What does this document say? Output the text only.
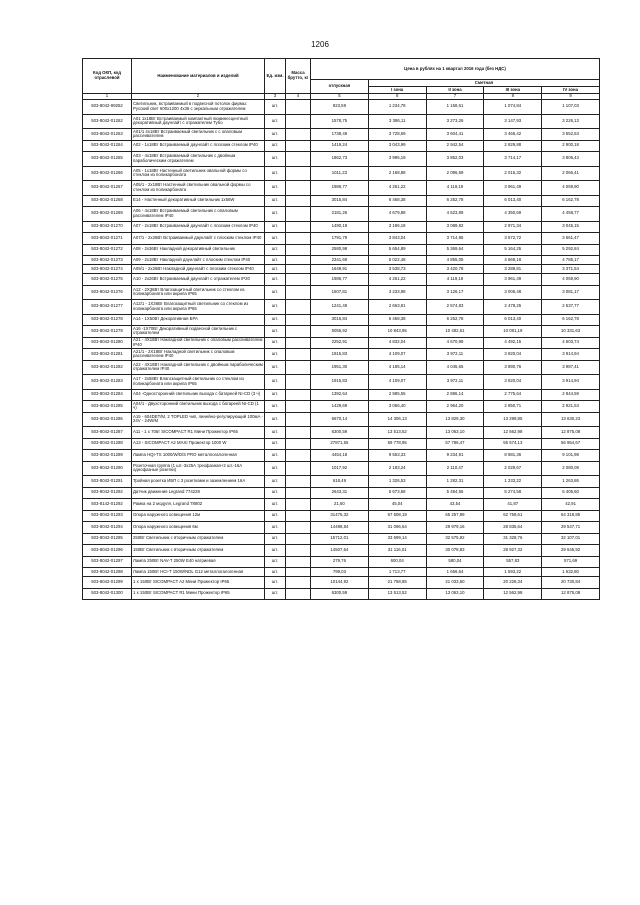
1206
Код ОКП, код отраслевой	Наименование материалов и изделий	Ед. изм.	Масса брутто, кг	Цена в рублях на 1 квартал 2016 года (без НДС)				
				отпускная	Сметная			
					I зона	II зона	III зона	IV зона
1	2	3	4	5	6	7	8	9
503-8042-99252	Светильник, встраиваемый в подвесной потолок фирмы: Русский свет 600х1200 4х36 с зеркальным отражателем	шт.		923,59	1 234,78	1 158,61	1 074,84	1 107,03
503-8042-01262	А01 1х18Вт Встраиваемый компактный люминесцентный декоративный даунлайт с отражателем Тубо	шт.		1578,75	3 386,11	3 273,26	3 147,93	3 226,13
503-8042-01263	А01/1 4х18Вт Встраиваемый светильник с с опаловым рассеивателем	шт.		1738,49	3 728,69	3 604,41	3 466,42	3 552,53
503-8042-01264	А02 - 1х18Вт Встраиваемый даунлайт с плоским стеклом IP40	шт.		1419,24	3 043,99	2 942,54	2 829,88	2 900,18
503-8042-01265	А03 - 4х18Вт Встраиваемый светильник с двойным параболическим отражателем	шт.		1862,73	3 995,19	3 862,03	3 714,17	3 806,43
503-8042-01266	А05 - 1х18Вт Настенный светильник овальной формы со стеклом из поликарбоната	шт.		1011,23	2 168,88	2 096,59	2 016,32	2 066,41
503-8042-01267	А05/1 - 2х18Вт Настенный светильник овальной формы со стеклом из поликарбоната	шт.		1986,77	4 261,22	4 119,19	3 961,49	4 059,90
503-8042-01268	Е14 - Настенный декоративный светильник 1х56W	шт.		3015,84	6 468,38	6 252,78	6 013,40	6 162,78
503-8042-01269	А06 - 4х18Вт Встраиваемый светильник с опаловым рассеивателем IP40	шт.		2181,26	4 679,88	4 523,89	4 350,69	4 458,77
503-8042-01270	А07 - 2х18Вт Встраиваемый даунлайт с плоским стеклом IP40	шт.		1490,19	3 196,18	3 089,82	2 971,34	3 045,15
503-8042-01271	А07/1 - 2х26Вт Встраиваемый даунлайт с плоским стеклом IP40	шт.		1791,79	3 843,04	3 714,95	3 572,72	3 661,47
503-8042-01272	А08 - 2х36Вт Накладной декоративный светильник	шт.		2580,98	5 654,89	5 369,64	5 164,25	5 292,84
503-8042-01273	А09 - 2х18Вт Накладной даунлайт с плоским стеклом IP40	шт.		2341,69	5 022,48	4 855,05	4 669,18	4 785,17
503-8042-01274	А09/1 - 2х26Вт Накладной даунлайт с плоским стеклом IP40	шт.		1649,91	3 538,73	3 420,78	3 289,81	3 371,54
503-8042-01275	А10 - 2х26Вт Встраиваемый даунлайт с отражателем IP20	шт.		1986,77	4 261,22	4 119,19	3 961,49	4 059,90
503-8042-01276	А12 - 2Х36Вт Влагозащитный светильник со стеклом из поликарбоната или акрила IP65	шт.		1507,81	3 233,98	3 126,17	3 006,48	3 081,17
503-8042-01277	А12/1 - 1Х36Вт Влагозащитный светильник со стеклом из поликарбоната или акрила IP65	шт.		1241,49	2 663,81	2 574,83	2 478,25	2 537,77
503-8042-01278	А14 - 1Х50Вт Декоративная БРА	шт.		3015,84	6 468,38	6 252,78	6 013,40	6 162,78
503-8042-01279	А16 -1Х70Вт Декоративный подвесной светильник с отражателем	шт.		5055,92	10 843,95	10 482,51	10 081,19	10 331,63
503-8042-01280	А21 - 4Х18Вт Накладной светильник с опаловым рассеивателем IP40	шт.		2252,91	4 832,04	4 670,98	4 492,15	4 603,74
503-8042-01281	А21/1 - 2Х18Вт Накладной светильник с опаловым рассеивателем IP40	шт.		1915,83	4 109,07	3 972,11	3 820,04	3 914,94
503-8042-01282	А22 - 4Х18Вт Накладной светильник с двойным параболическим отражателем IP40	шт.		1951,30	4 185,14	4 045,65	3 890,76	3 987,41
503-8042-01283	А17 - 2х58Вт Влагозащитный светильник со стеклом из поликарбоната или акрила IP65	шт.		1915,83	4 109,07	3 972,11	3 820,04	3 914,94
503-8042-01284	А04 -Односторонний светильник выхода с батареей NI-CD (3 ч)	шт.		1392,64	2 985,55	2 886,14	2 775,64	2 844,59
503-8042-01285	А04/1 - Двухсторонний светильник выхода с батареей NI-CD (1 ч)	шт.		1429,69	3 066,40	2 964,20	2 850,71	2 921,53
503-8042-01286	А15 - 604DET/M, 2 TOPLED чип, линейно-регулирующий 100мA - 24V - 24W/M	шт.		6670,14	14 306,13	13 829,30	13 299,85	13 630,23
503-8042-01287	А11 - 1 х 70вт SICOMPACT R1 Мини Прожектор IP65	шт.		6300,59	13 513,52	13 063,10	12 562,98	12 875,08
503-8042-01288	А13 - SICOMPACT A2 MAXI Прожектор 1000 W	шт.		27871,55	59 778,95	57 786,47	55 574,13	56 954,67
503-8042-01289	Лампа HQI-TS 1000/W/D/S PRO металлогалогенная	шт.		4454,18	9 553,33	9 234,91	8 881,36	9 101,98
503-8042-01290	Розеточная группа (1 шт.-3х25А трехфазная+2 шт.-16А однофазные розетки)	шт.		1017,92	2 183,24	2 110,47	2 029,67	2 080,09
503-8042-01291	Тройная розетка ИБП с 3 розетками и заземлением 16А	шт.		618,49	1 326,53	1 282,31	1 233,22	1 263,86
503-8042-01292	Датчик движения Legrand 774228	шт.		2643,31	5 673,68	5 484,55	5 274,58	5 405,60
503-8142-01292	Рамка на 2 модуля, Legrand 78802	шт.		21,60	45,04	43,54	41,87	42,91
503-8042-01293	Опора наружного освещения 12м	шт.		31475,32	67 508,19	65 257,99	62 759,61	64 318,85
503-8042-01294	Опора наружного освещения 6м	шт.		14498,84	31 096,64	29 979,16	28 835,64	29 547,71
503-8042-01295	250Вт Светильник с вторичным отражателем	шт.		15712,01	33 699,14	32 575,92	31 328,76	32 107,01
503-8042-01296	150Вт Светильник с вторичным отражателем	шт.		14507,64	31 116,01	30 078,83	28 927,32	29 645,92
503-8042-01297	Лампа 250Вт NAV-T 250W E40 натриевая	шт.		279,76	600,04	580,04	557,83	571,69
503-8042-01298	Лампа 150Вт HCI-T 150W/NDL G12 металлогалогенная	шт.		799,03	1 713,77	1 656,64	1 593,22	1 632,80
503-8042-01299	1 х 150Вт SICOMPACT A2 Мини Прожектор IP65	шт.		10144,92	21 758,85	21 033,60	20 228,34	20 730,84
503-8042-01300	1 х 150Вт SICOMPACT R1 Мини Прожектор IP65	шт.		6300,59	13 513,52	13 063,10	12 562,98	12 875,08
